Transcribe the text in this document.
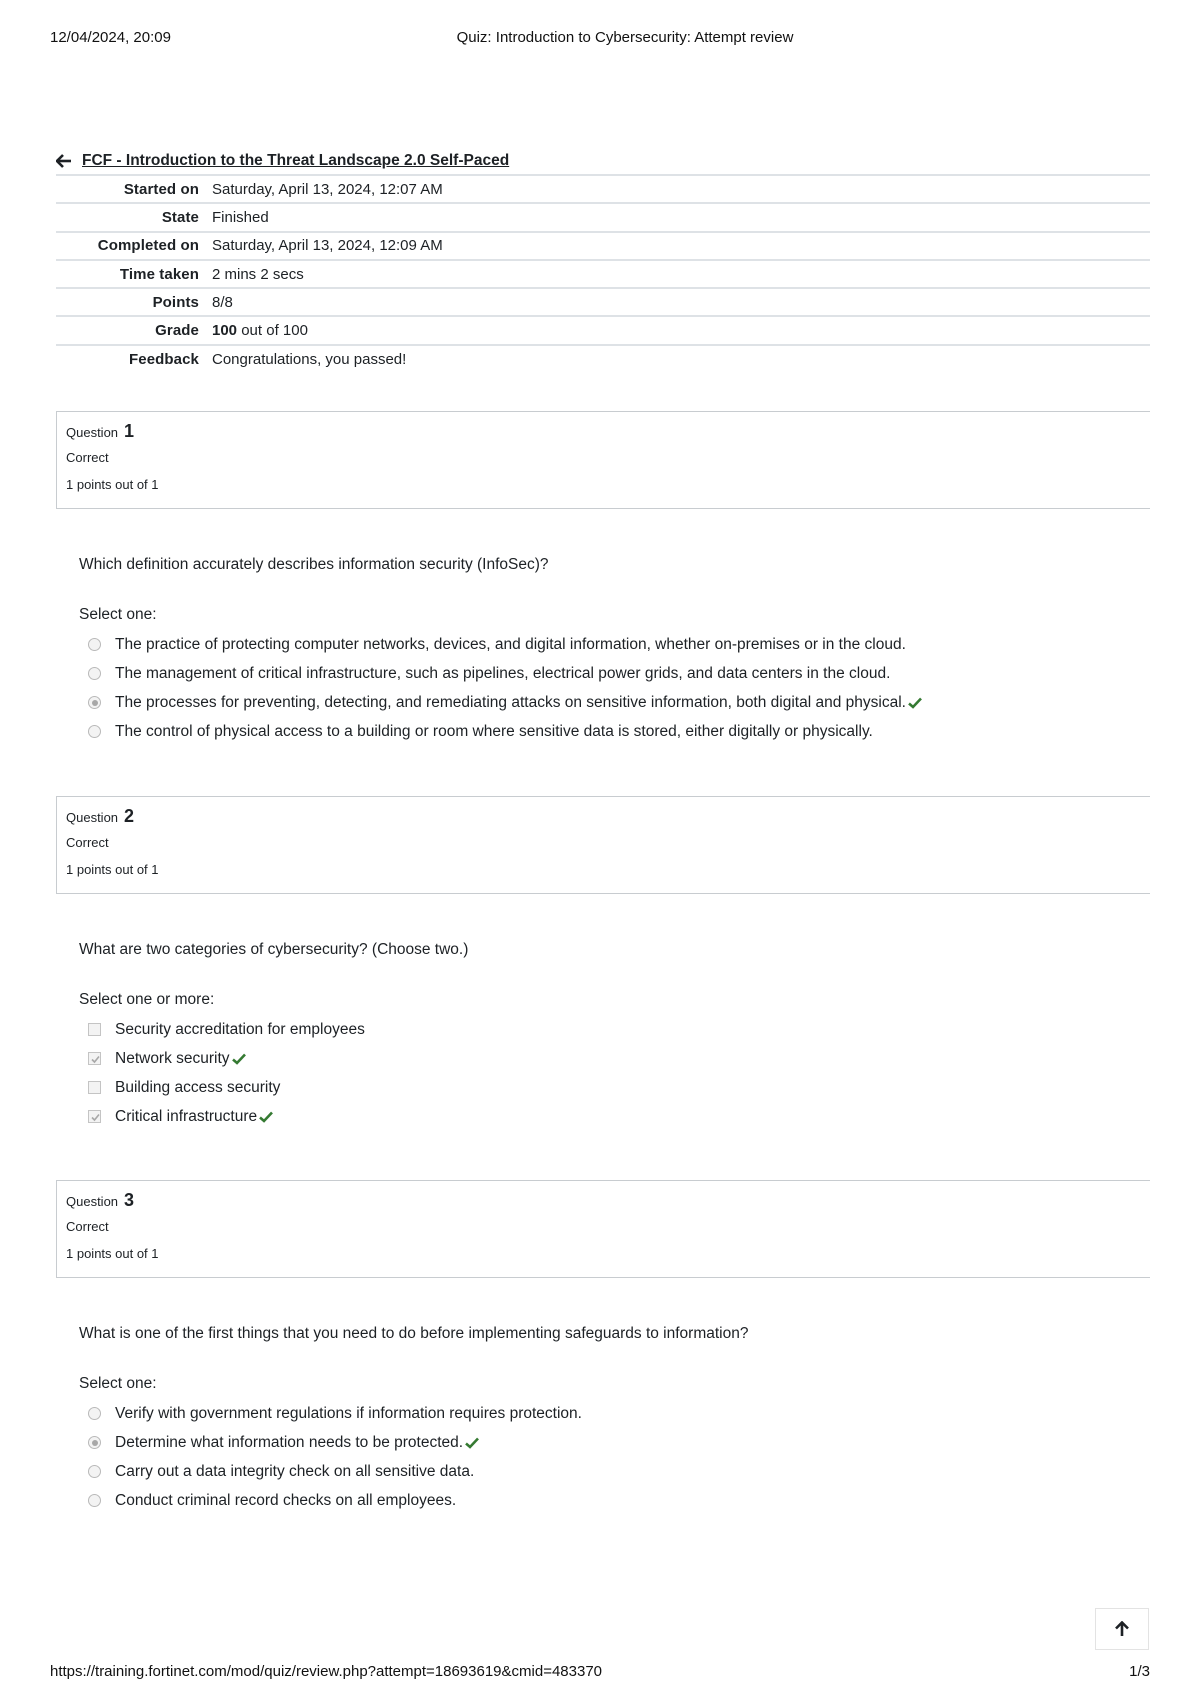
12/04/2024, 20:09	Quiz: Introduction to Cybersecurity: Attempt review
FCF - Introduction to the Threat Landscape 2.0 Self-Paced
Started on Saturday, April 13, 2024, 12:07 AM
State Finished
Completed on Saturday, April 13, 2024, 12:09 AM
Time taken 2 mins 2 secs
Points 8/8
Grade 100 out of 100
Feedback Congratulations, you passed!
Question 1
Correct
1 points out of 1
Which definition accurately describes information security (InfoSec)?
Select one:
The practice of protecting computer networks, devices, and digital information, whether on-premises or in the cloud.
The management of critical infrastructure, such as pipelines, electrical power grids, and data centers in the cloud.
The processes for preventing, detecting, and remediating attacks on sensitive information, both digital and physical.
The control of physical access to a building or room where sensitive data is stored, either digitally or physically.
Question 2
Correct
1 points out of 1
What are two categories of cybersecurity? (Choose two.)
Select one or more:
Security accreditation for employees
Network security
Building access security
Critical infrastructure
Question 3
Correct
1 points out of 1
What is one of the first things that you need to do before implementing safeguards to information?
Select one:
Verify with government regulations if information requires protection.
Determine what information needs to be protected.
Carry out a data integrity check on all sensitive data.
Conduct criminal record checks on all employees.
https://training.fortinet.com/mod/quiz/review.php?attempt=18693619&cmid=483370	1/3
